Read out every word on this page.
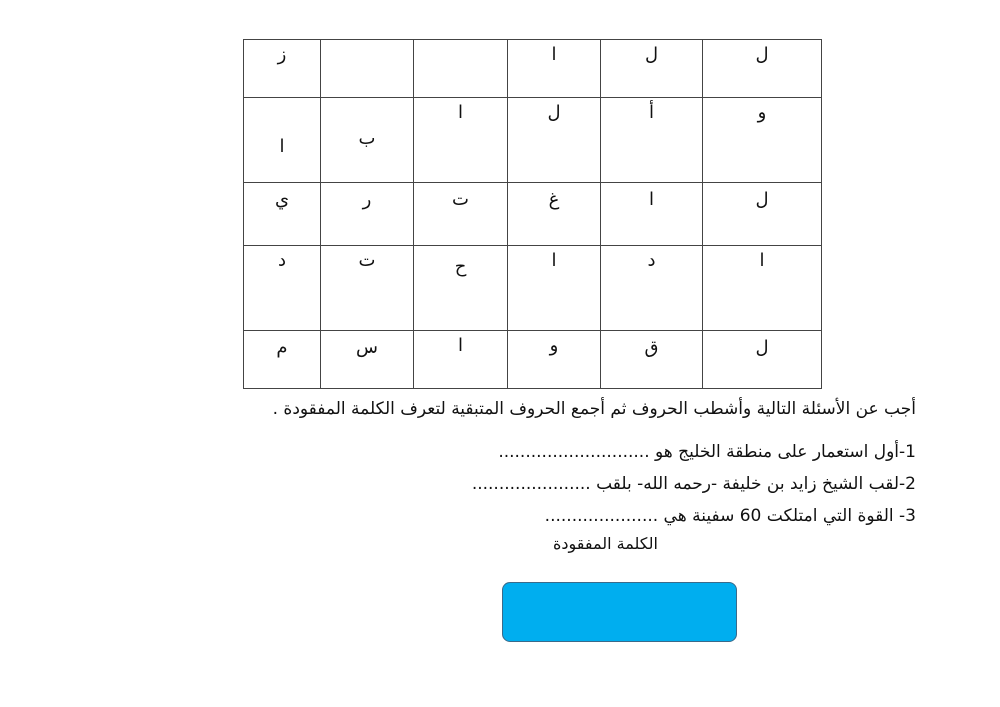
ز			ا	ل	ل

ا	ب	ا	ل	أ	و

ي	ر	ت	غ	ا	ل

د	ت	ح	ا	د	ا

م	س	ا	و	ق	ل
أجب عن الأسئلة التالية وأشطب الحروف ثم أجمع الحروف المتبقية لتعرف الكلمة المفقودة .
1-أول استعمار على منطقة الخليج هو ............................
2-لقب الشيخ زايد بن خليفة -رحمه الله- بلقب ......................
3- القوة التي امتلكت 60 سفينة هي .....................
الكلمة المفقودة
